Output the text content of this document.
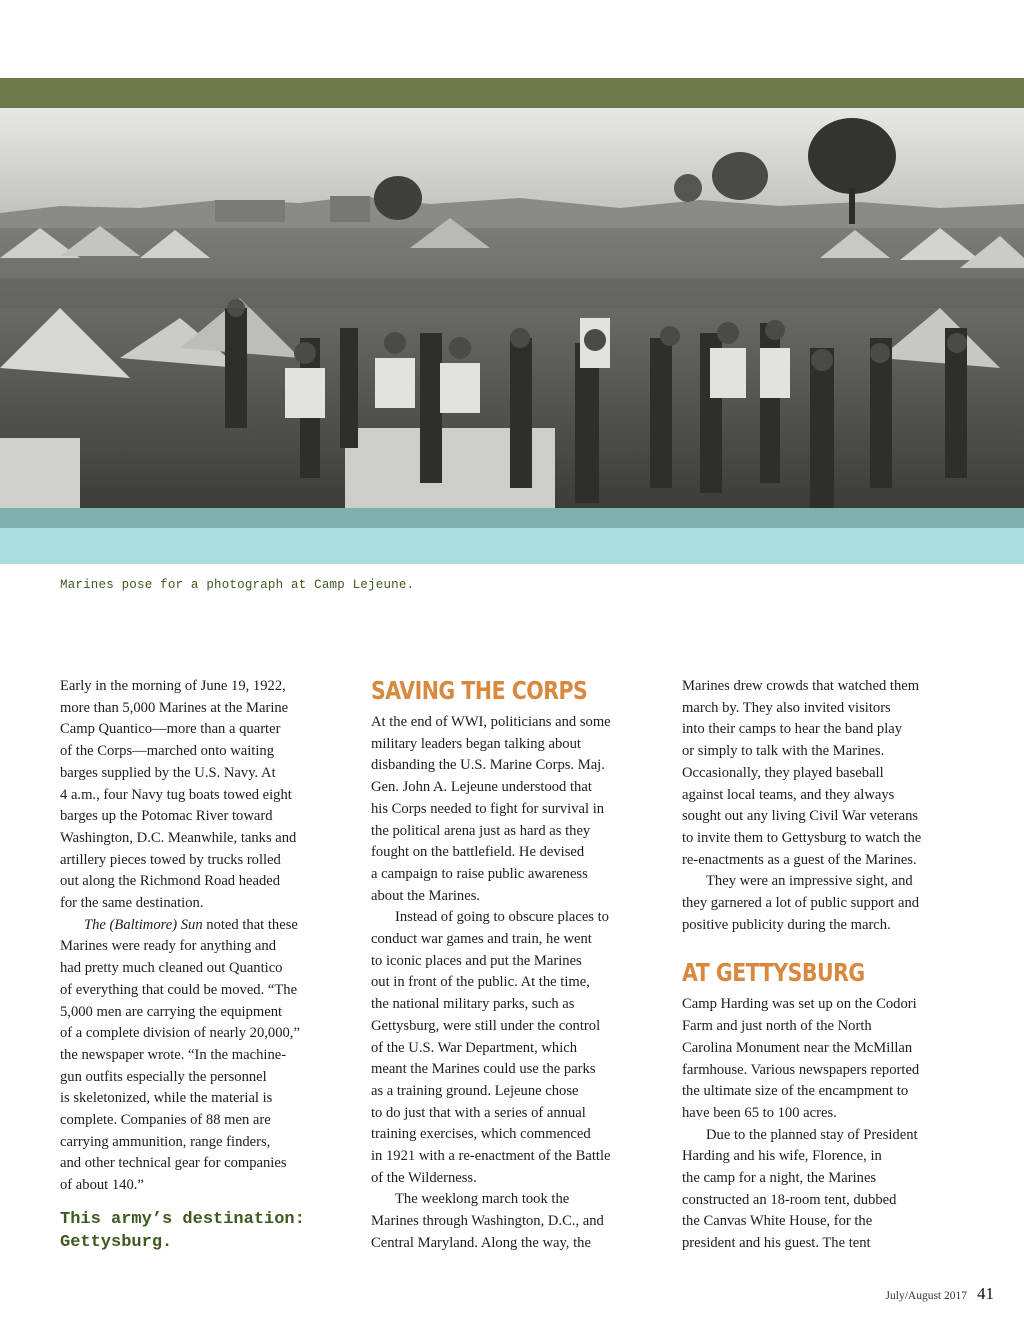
Marines pose for a photograph at Camp Lejeune.

Early in the morning of June 19, 1922,
more than 5,000 Marines at the Marine
Camp Quantico—more than a quarter
of the Corps—marched onto waiting
barges supplied by the U.S. Navy. At
4 a.m., four Navy tug boats towed eight
barges up the Potomac River toward
Washington, D.C. Meanwhile, tanks and
artillery pieces towed by trucks rolled
out along the Richmond Road headed
for the same destination.

The (Baltimore) Sun noted that these
Marines were ready for anything and
had pretty much cleaned out Quantico
of everything that could be moved. “The
5,000 men are carrying the equipment
of a complete division of nearly 20,000,”
the newspaper wrote. “In the machine-
gun outfits especially the personnel
is skeletonized, while the material is
complete. Companies of 88 men are
carrying ammunition, range finders,
and other technical gear for companies
of about 140.”

This army’s destination:
Gettysburg.
SAVING THE CORPS

At the end of WWI, politicians and some
military leaders began talking about
disbanding the U.S. Marine Corps. Maj.
Gen. John A. Lejeune understood that
his Corps needed to fight for survival in
the political arena just as hard as they
fought on the battlefield. He devised
a campaign to raise public awareness
about the Marines.

Instead of going to obscure places to
conduct war games and train, he went
to iconic places and put the Marines
out in front of the public. At the time,
the national military parks, such as
Gettysburg, were still under the control
of the U.S. War Department, which
meant the Marines could use the parks
as a training ground. Lejeune chose
to do just that with a series of annual
training exercises, which commenced
in 1921 with a re-enactment of the Battle
of the Wilderness.

The weeklong march took the
Marines through Washington, D.C., and
Central Maryland. Along the way, the

Marines drew crowds that watched them
march by. They also invited visitors
into their camps to hear the band play
or simply to talk with the Marines.
Occasionally, they played baseball
against local teams, and they always
sought out any living Civil War veterans
to invite them to Gettysburg to watch the
re-enactments as a guest of the Marines.

They were an impressive sight, and
they garnered a lot of public support and
positive publicity during the march.

AT GETTYSBURG

Camp Harding was set up on the Codori
Farm and just north of the North
Carolina Monument near the McMillan
farmhouse. Various newspapers reported
the ultimate size of the encampment to
have been 65 to 100 acres.

Due to the planned stay of President
Harding and his wife, Florence, in
the camp for a night, the Marines
constructed an 18-room tent, dubbed
the Canvas White House, for the
president and his guest. The tent

July/August 2017 41
